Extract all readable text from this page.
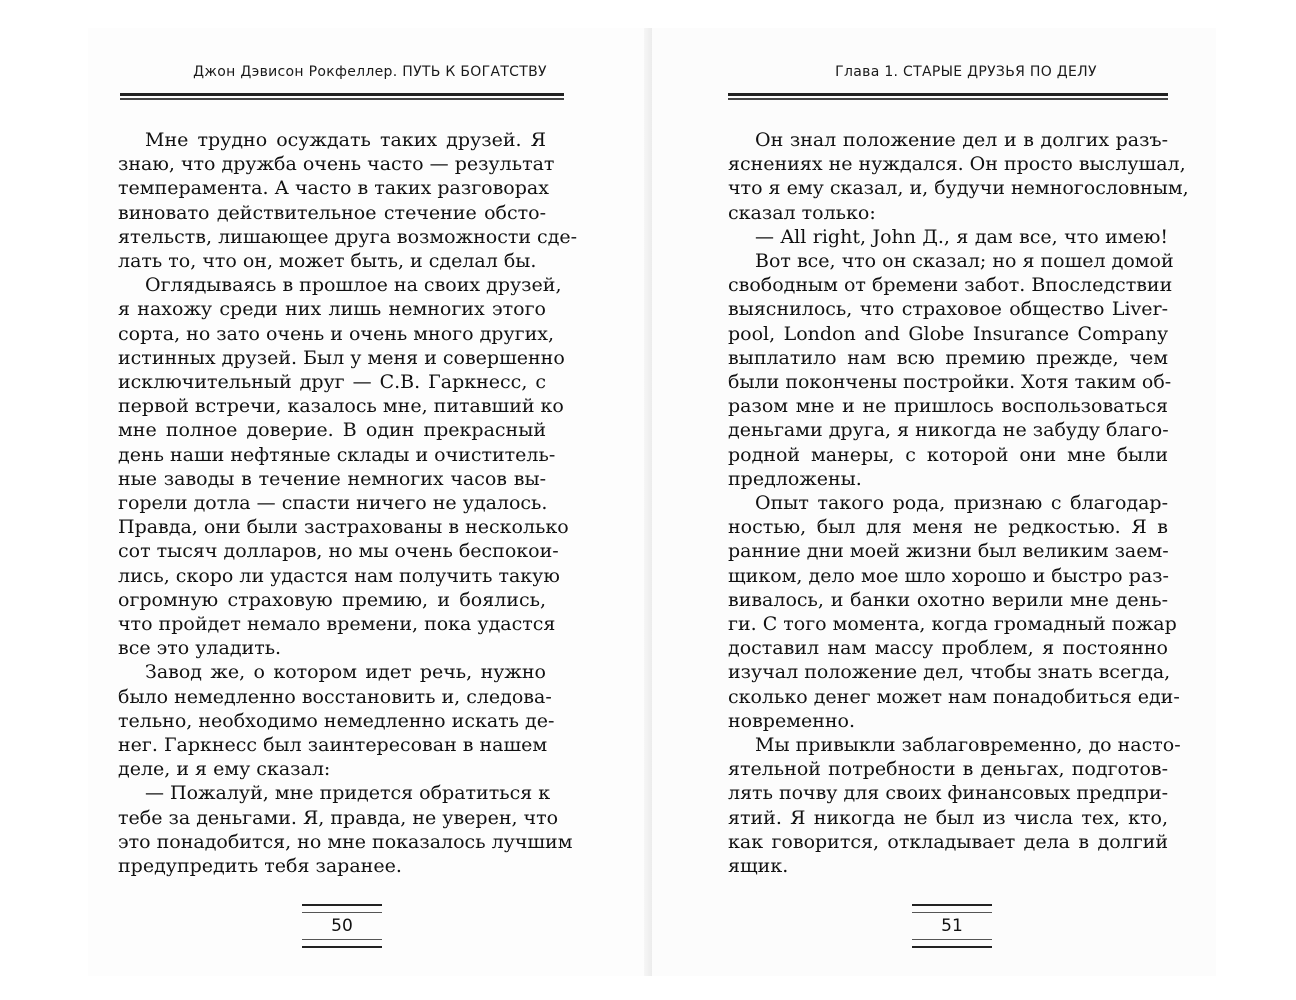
Джон Дэвисон Рокфеллер. ПУТЬ К БОГАТСТВУ
Мне трудно осуждать таких друзей. Я
знаю, что дружба очень часто — результат
темперамента. А часто в таких разговорах
виновато действительное стечение обсто-
ятельств, лишающее друга возможности сде-
лать то, что он, может быть, и сделал бы.
Оглядываясь в прошлое на своих друзей,
я нахожу среди них лишь немногих этого
сорта, но зато очень и очень много других,
истинных друзей. Был у меня и совершенно
исключительный друг — С.В. Гаркнесс, с
первой встречи, казалось мне, питавший ко
мне полное доверие. В один прекрасный
день наши нефтяные склады и очиститель-
ные заводы в течение немногих часов вы-
горели дотла — спасти ничего не удалось.
Правда, они были застрахованы в несколько
сот тысяч долларов, но мы очень беспокои-
лись, скоро ли удастся нам получить такую
огромную страховую премию, и боялись,
что пройдет немало времени, пока удастся
все это уладить.
Завод же, о котором идет речь, нужно
было немедленно восстановить и, следова-
тельно, необходимо немедленно искать де-
нег. Гаркнесс был заинтересован в нашем
деле, и я ему сказал:
— Пожалуй, мне придется обратиться к
тебе за деньгами. Я, правда, не уверен, что
это понадобится, но мне показалось лучшим
предупредить тебя заранее.
50
Глава 1. СТАРЫЕ ДРУЗЬЯ ПО ДЕЛУ
Он знал положение дел и в долгих разъ-
яснениях не нуждался. Он просто выслушал,
что я ему сказал, и, будучи немногословным,
сказал только:
— All right, John Д., я дам все, что имею!
Вот все, что он сказал; но я пошел домой
свободным от бремени забот. Впоследствии
выяснилось, что страховое общество Liver-
pool, London and Globe Insurance Company
выплатило нам всю премию прежде, чем
были покончены постройки. Хотя таким об-
разом мне и не пришлось воспользоваться
деньгами друга, я никогда не забуду благо-
родной манеры, с которой они мне были
предложены.
Опыт такого рода, признаю с благодар-
ностью, был для меня не редкостью. Я в
ранние дни моей жизни был великим заем-
щиком, дело мое шло хорошо и быстро раз-
вивалось, и банки охотно верили мне день-
ги. С того момента, когда громадный пожар
доставил нам массу проблем, я постоянно
изучал положение дел, чтобы знать всегда,
сколько денег может нам понадобиться еди-
новременно.
Мы привыкли заблаговременно, до насто-
ятельной потребности в деньгах, подготов-
лять почву для своих финансовых предпри-
ятий. Я никогда не был из числа тех, кто,
как говорится, откладывает дела в долгий
ящик.
51
